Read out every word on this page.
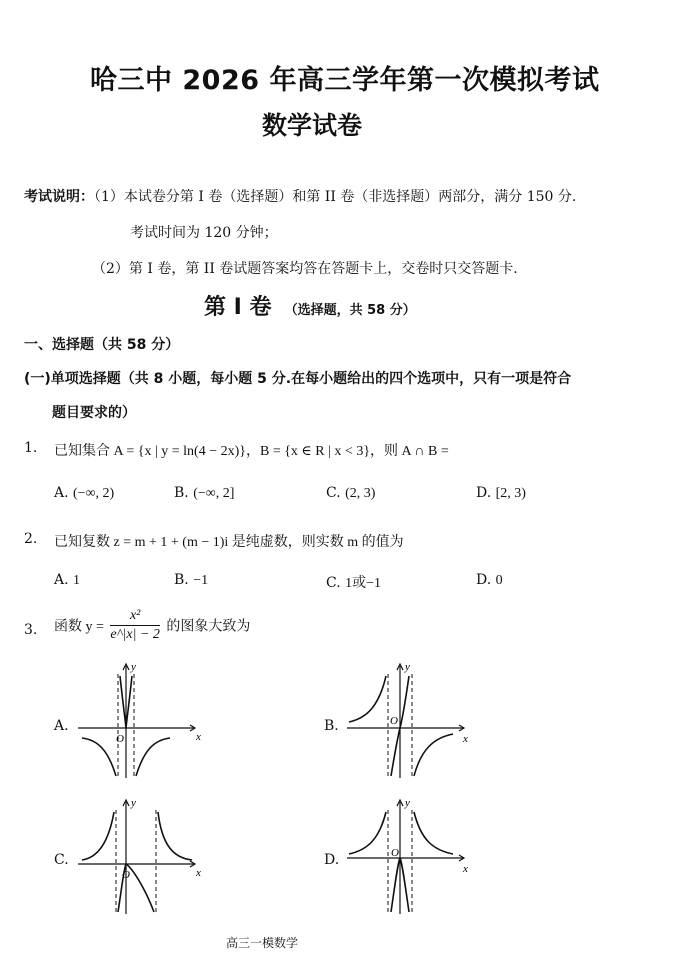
哈三中 2026 年高三学年第一次模拟考试
数学试卷
考试说明：（1）本试卷分第 I 卷（选择题）和第 II 卷（非选择题）两部分，满分 150 分.
考试时间为 120 分钟；
（2）第 I 卷，第 II 卷试题答案均答在答题卡上，交卷时只交答题卡.
第 I 卷 （选择题，共 58 分）
一、选择题（共 58 分）
(一)单项选择题（共 8 小题，每小题 5 分.在每小题给出的四个选项中，只有一项是符合
题目要求的）
1. 已知集合 A = {x | y = ln(4 − 2x)}，B = {x ∈ R | x < 3}，则 A ∩ B =
A. (−∞, 2)	B. (−∞, 2]	C. (2, 3)	D. [2, 3)
2. 已知复数 z = m + 1 + (m − 1)i 是纯虚数，则实数 m 的值为
A. 1	B. −1	C. 1或−1	D. 0
3. 函数 $y = \frac{\text{x²}}{e\^{}|x| - 2}$ 的图象大致为
A.	B.
C.	D.
x
y
O	x
y
O
x
y
O	x
y
O
高三一模数学
